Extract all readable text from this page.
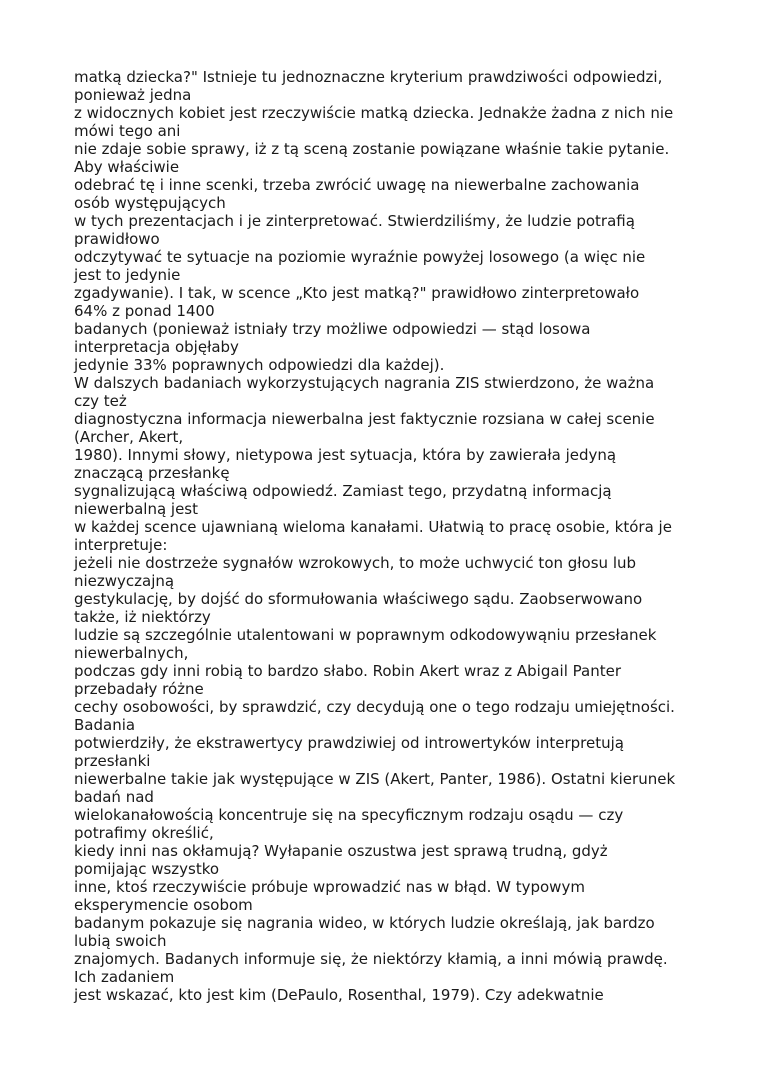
matką dziecka?" Istnieje tu jednoznaczne kryterium prawdziwości odpowiedzi,
ponieważ jedna
z widocznych kobiet jest rzeczywiście matką dziecka. Jednakże żadna z nich nie
mówi tego ani
nie zdaje sobie sprawy, iż z tą sceną zostanie powiązane właśnie takie pytanie.
Aby właściwie
odebrać tę i inne scenki, trzeba zwrócić uwagę na niewerbalne zachowania
osób występujących
w tych prezentacjach i je zinterpretować. Stwierdziliśmy, że ludzie potrafią
prawidłowo
odczytywać te sytuacje na poziomie wyraźnie powyżej losowego (a więc nie
jest to jedynie
zgadywanie). I tak, w scence „Kto jest matką?" prawidłowo zinterpretowało
64% z ponad 1400
badanych (ponieważ istniały trzy możliwe odpowiedzi — stąd losowa
interpretacja objęłaby
jedynie 33% poprawnych odpowiedzi dla każdej).
W dalszych badaniach wykorzystujących nagrania ZIS stwierdzono, że ważna
czy też
diagnostyczna informacja niewerbalna jest faktycznie rozsiana w całej scenie
(Archer, Akert,
1980). Innymi słowy, nietypowa jest sytuacja, która by zawierała jedyną
znaczącą przesłankę
sygnalizującą właściwą odpowiedź. Zamiast tego, przydatną informacją
niewerbalną jest
w każdej scence ujawnianą wieloma kanałami. Ułatwią to pracę osobie, która je
interpretuje:
jeżeli nie dostrzeże sygnałów wzrokowych, to może uchwycić ton głosu lub
niezwyczajną
gestykulację, by dojść do sformułowania właściwego sądu. Zaobserwowano
także, iż niektórzy
ludzie są szczególnie utalentowani w poprawnym odkodowywąniu przesłanek
niewerbalnych,
podczas gdy inni robią to bardzo słabo. Robin Akert wraz z Abigail Panter
przebadały różne
cechy osobowości, by sprawdzić, czy decydują one o tego rodzaju umiejętności.
Badania
potwierdziły, że ekstrawertycy prawdziwiej od introwertyków interpretują
przesłanki
niewerbalne takie jak występujące w ZIS (Akert, Panter, 1986). Ostatni kierunek
badań nad
wielokanałowością koncentruje się na specyficznym rodzaju osądu — czy
potrafimy określić,
kiedy inni nas okłamują? Wyłapanie oszustwa jest sprawą trudną, gdyż
pomijając wszystko
inne, ktoś rzeczywiście próbuje wprowadzić nas w błąd. W typowym
eksperymencie osobom
badanym pokazuje się nagrania wideo, w których ludzie określają, jak bardzo
lubią swoich
znajomych. Badanych informuje się, że niektórzy kłamią, a inni mówią prawdę.
Ich zadaniem
jest wskazać, kto jest kim (DePaulo, Rosenthal, 1979). Czy adekwatnie
